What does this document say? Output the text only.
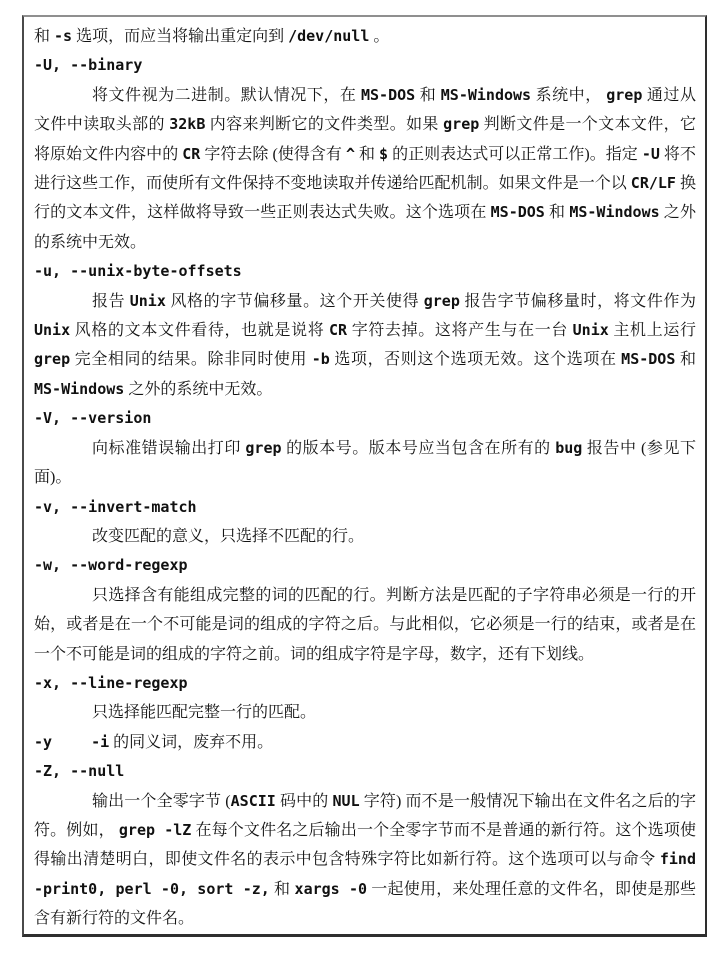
和 -s 选项，而应当将输出重定向到 /dev/null 。

-U, --binary

将文件视为二进制。默认情况下，在 MS-DOS 和 MS-Windows 系统中， grep 通过从文件中读取头部的 32kB 内容来判断它的文件类型。如果 grep 判断文件是一个文本文件，它将原始文件内容中的 CR 字符去除 (使得含有 ^ 和 $ 的正则表达式可以正常工作)。指定 -U 将不进行这些工作，而使所有文件保持不变地读取并传递给匹配机制。如果文件是一个以 CR/LF 换行的文本文件，这样做将导致一些正则表达式失败。这个选项在 MS-DOS 和 MS-Windows 之外的系统中无效。

-u, --unix-byte-offsets

报告 Unix 风格的字节偏移量。这个开关使得 grep 报告字节偏移量时，将文件作为 Unix 风格的文本文件看待，也就是说将 CR 字符去掉。这将产生与在一台 Unix 主机上运行 grep 完全相同的结果。除非同时使用 -b 选项，否则这个选项无效。这个选项在 MS-DOS 和 MS-Windows 之外的系统中无效。

-V, --version

向标准错误输出打印 grep 的版本号。版本号应当包含在所有的 bug 报告中 (参见下面)。

-v, --invert-match

改变匹配的意义，只选择不匹配的行。

-w, --word-regexp

只选择含有能组成完整的词的匹配的行。判断方法是匹配的子字符串必须是一行的开始，或者是在一个不可能是词的组成的字符之后。与此相似，它必须是一行的结束，或者是在一个不可能是词的组成的字符之前。词的组成字符是字母，数字，还有下划线。

-x, --line-regexp

只选择能匹配完整一行的匹配。

-y	-i 的同义词，废弃不用。

-Z, --null

输出一个全零字节 (ASCII 码中的 NUL 字符) 而不是一般情况下输出在文件名之后的字符。例如， grep -lZ 在每个文件名之后输出一个全零字节而不是普通的新行符。这个选项使得输出清楚明白，即使文件名的表示中包含特殊字符比如新行符。这个选项可以与命令 find -print0, perl -0, sort -z, 和 xargs -0 一起使用，来处理任意的文件名，即使是那些含有新行符的文件名。
